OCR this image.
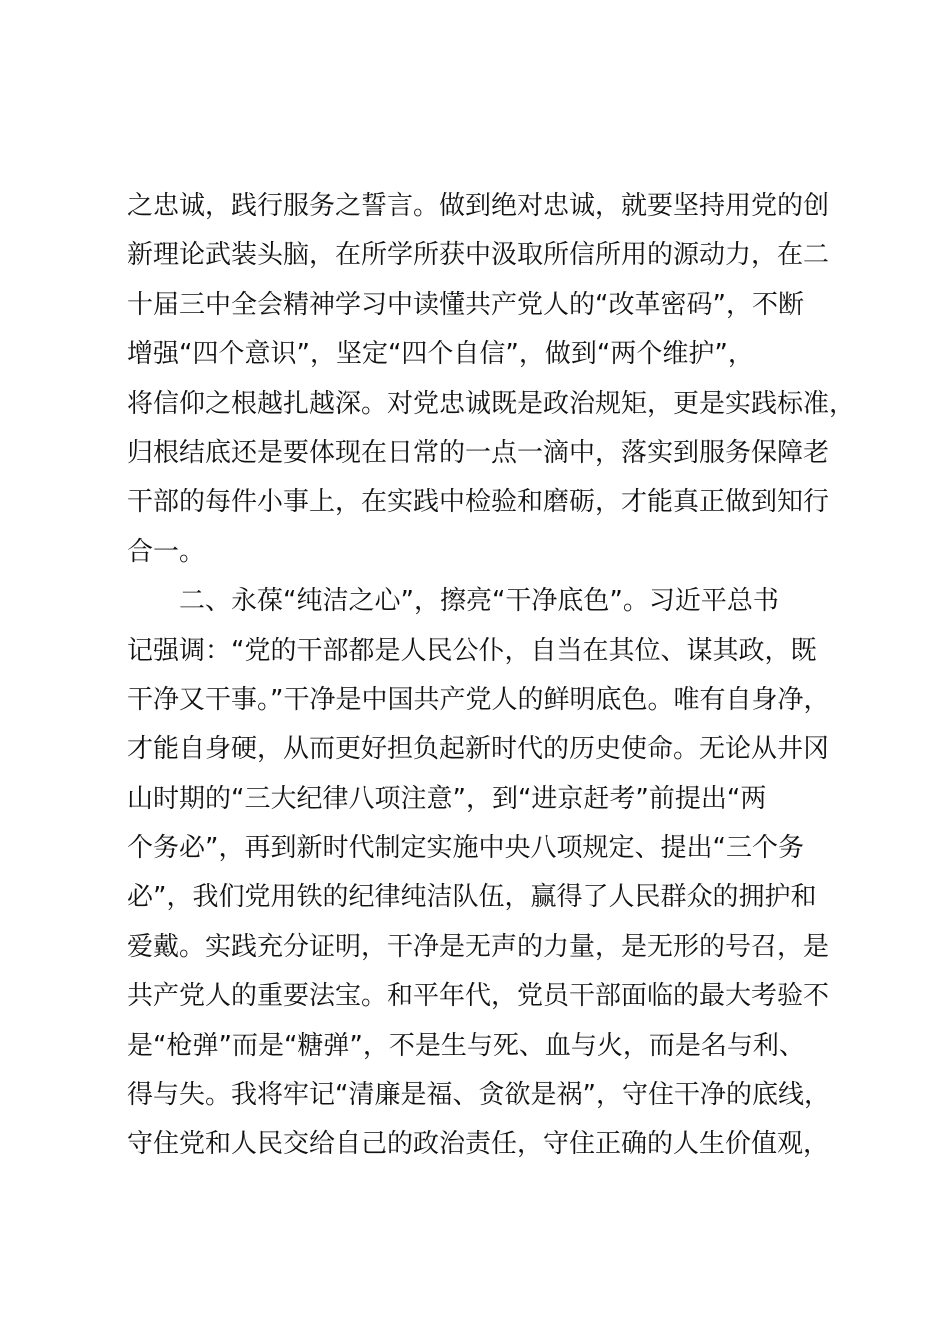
之忠诚，践行服务之誓言。做到绝对忠诚，就要坚持用党的创
新理论武装头脑，在所学所获中汲取所信所用的源动力，在二
十届三中全会精神学习中读懂共产党人的“改革密码”，不断
增强“四个意识”，坚定“四个自信”，做到“两个维护”，
将信仰之根越扎越深。对党忠诚既是政治规矩，更是实践标准，
归根结底还是要体现在日常的一点一滴中，落实到服务保障老
干部的每件小事上，在实践中检验和磨砺，才能真正做到知行
合一。
二、永葆“纯洁之心”，擦亮“干净底色”。习近平总书
记强调：“党的干部都是人民公仆，自当在其位、谋其政，既
干净又干事。”干净是中国共产党人的鲜明底色。唯有自身净，
才能自身硬，从而更好担负起新时代的历史使命。无论从井冈
山时期的“三大纪律八项注意”，到“进京赶考”前提出“两
个务必”，再到新时代制定实施中央八项规定、提出“三个务
必”，我们党用铁的纪律纯洁队伍，赢得了人民群众的拥护和
爱戴。实践充分证明，干净是无声的力量，是无形的号召，是
共产党人的重要法宝。和平年代，党员干部面临的最大考验不
是“枪弹”而是“糖弹”，不是生与死、血与火，而是名与利、
得与失。我将牢记“清廉是福、贪欲是祸”，守住干净的底线，
守住党和人民交给自己的政治责任，守住正确的人生价值观，
